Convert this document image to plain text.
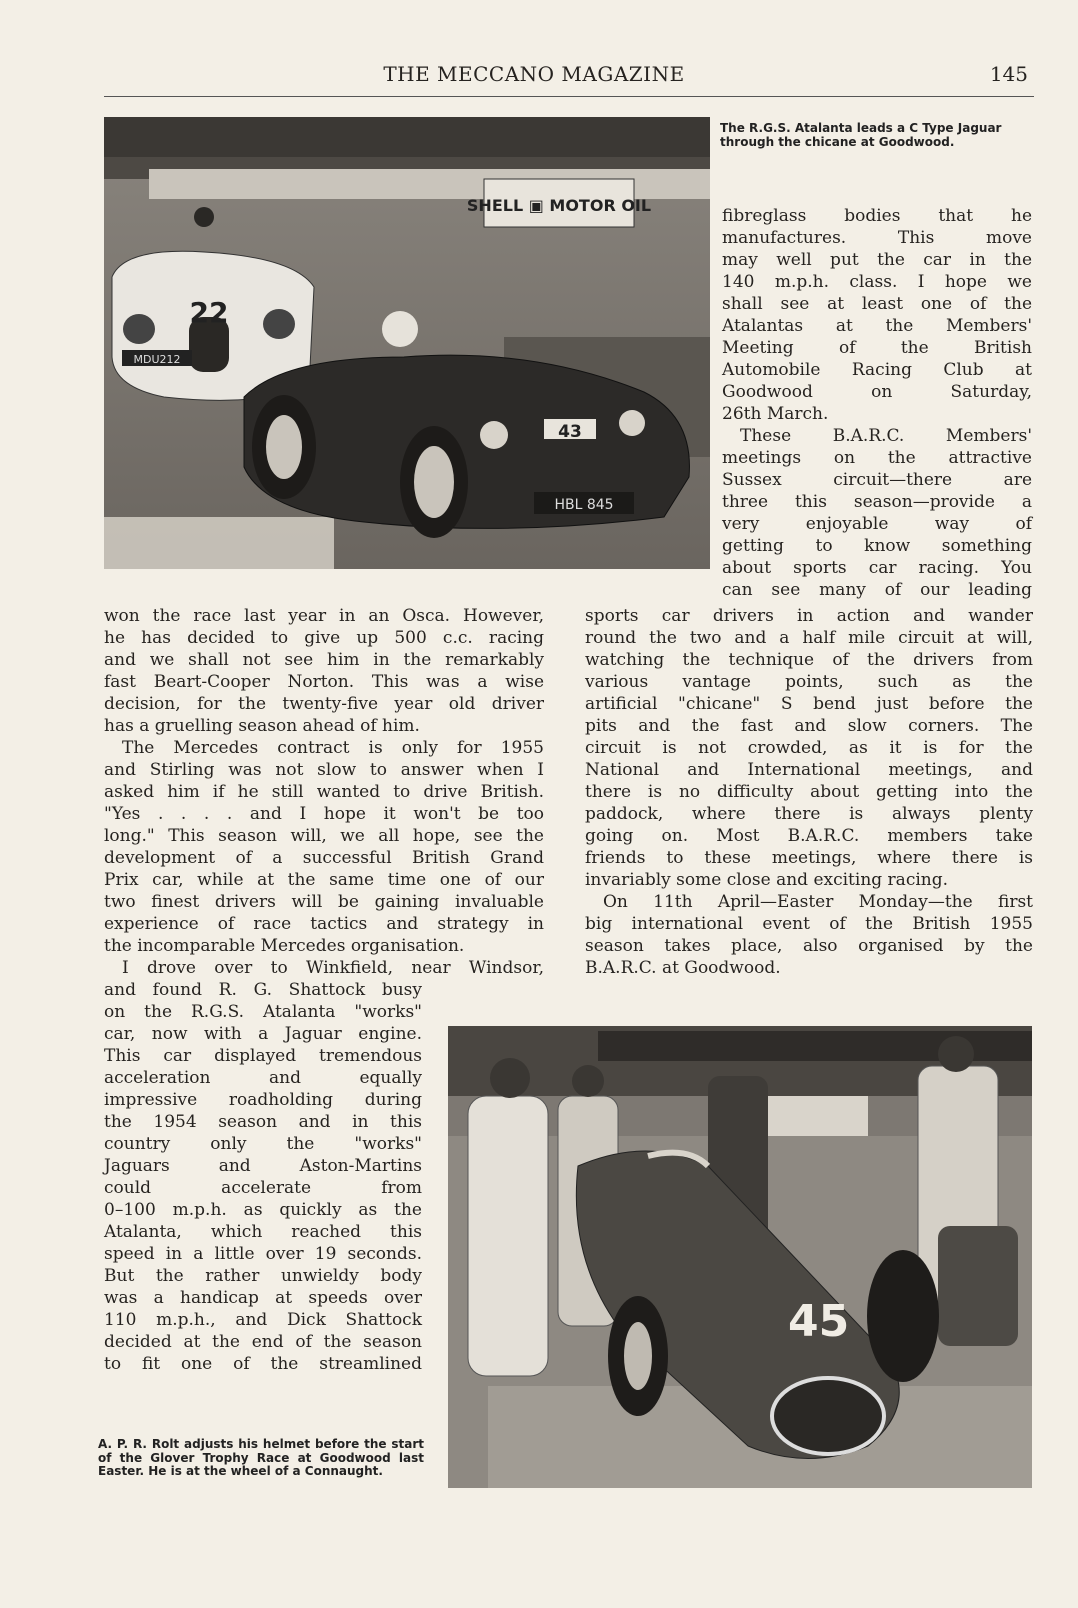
THE MECCANO MAGAZINE	145
SHELL ▣ MOTOR OIL
22
MDU212
43
HBL 845
The R.G.S. Atalanta leads a C Type Jaguar through the chicane at Goodwood.
fibreglass bodies that he
manufactures. This move
may well put the car in the
140 m.p.h. class. I hope we
shall see at least one of the
Atalantas at the Members'
Meeting of the British
Automobile Racing Club at
Goodwood on Saturday,
26th March.
These B.A.R.C. Members'
meetings on the attractive
Sussex circuit—there are
three this season—provide a
very enjoyable way of
getting to know something
about sports car racing. You
can see many of our leading
won the race last year in an Osca. However,
he has decided to give up 500 c.c. racing
and we shall not see him in the remarkably
fast Beart-Cooper Norton. This was a wise
decision, for the twenty-five year old driver
has a gruelling season ahead of him.
The Mercedes contract is only for 1955
and Stirling was not slow to answer when I
asked him if he still wanted to drive British.
"Yes . . . . and I hope it won't be too
long." This season will, we all hope, see the
development of a successful British Grand
Prix car, while at the same time one of our
two finest drivers will be gaining invaluable
experience of race tactics and strategy in
the incomparable Mercedes organisation.
I drove over to Winkfield, near Windsor,
and found R. G. Shattock busy
on the R.G.S. Atalanta "works"
car, now with a Jaguar engine.
This car displayed tremendous
acceleration and equally
impressive roadholding during
the 1954 season and in this
country only the "works"
Jaguars and Aston-Martins
could accelerate from
0–100 m.p.h. as quickly as the
Atalanta, which reached this
speed in a little over 19 seconds.
But the rather unwieldy body
was a handicap at speeds over
110 m.p.h., and Dick Shattock
decided at the end of the season
to fit one of the streamlined
sports car drivers in action and wander
round the two and a half mile circuit at will,
watching the technique of the drivers from
various vantage points, such as the
artificial "chicane" S bend just before the
pits and the fast and slow corners. The
circuit is not crowded, as it is for the
National and International meetings, and
there is no difficulty about getting into the
paddock, where there is always plenty
going on. Most B.A.R.C. members take
friends to these meetings, where there is
invariably some close and exciting racing.
On 11th April—Easter Monday—the first
big international event of the British 1955
season takes place, also organised by the
B.A.R.C. at Goodwood.
45
A. P. R. Rolt adjusts his helmet before the start of the Glover Trophy Race at Goodwood last Easter. He is at the wheel of a Connaught.
